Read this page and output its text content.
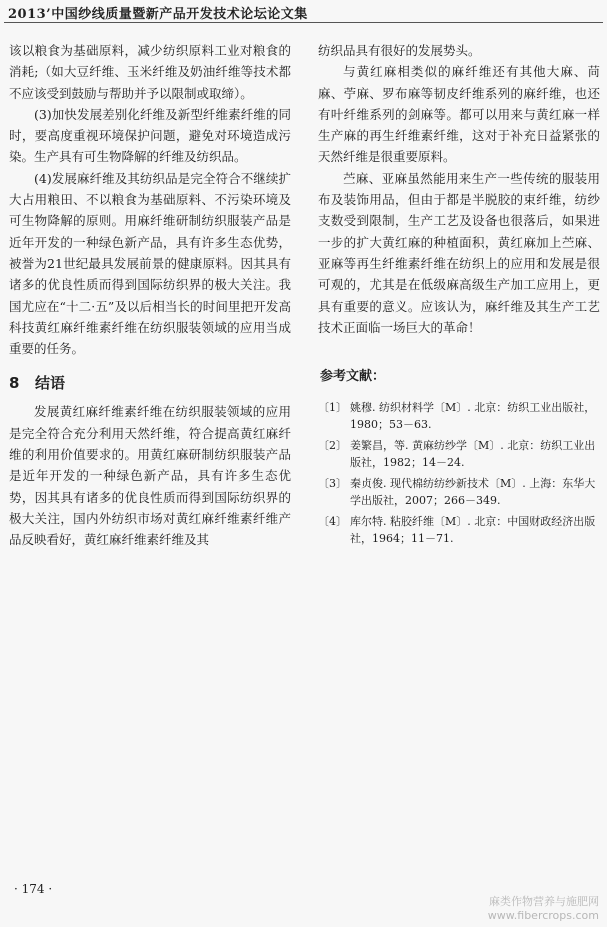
2013’中国纱线质量暨新产品开发技术论坛论文集

该以粮食为基础原料，减少纺织原料工业对粮食的消耗;（如大豆纤维、玉米纤维及奶油纤维等技术都不应该受到鼓励与帮助并予以限制或取缔）。

(3)加快发展差别化纤维及新型纤维素纤维的同时，要高度重视环境保护问题，避免对环境造成污染。生产具有可生物降解的纤维及纺织品。

(4)发展麻纤维及其纺织品是完全符合不继续扩大占用粮田、不以粮食为基础原料、不污染环境及可生物降解的原则。用麻纤维研制纺织服装产品是近年开发的一种绿色新产品，具有许多生态优势，被誉为21世纪最具发展前景的健康原料。因其具有诸多的优良性质而得到国际纺织界的极大关注。我国尤应在“十二·五”及以后相当长的时间里把开发高科技黄红麻纤维素纤维在纺织服装领域的应用当成重要的任务。

8 结语

发展黄红麻纤维素纤维在纺织服装领域的应用是完全符合充分利用天然纤维，符合提高黄红麻纤维的利用价值要求的。用黄红麻研制纺织服装产品是近年开发的一种绿色新产品，具有许多生态优势，因其具有诸多的优良性质而得到国际纺织界的极大关注，国内外纺织市场对黄红麻纤维素纤维产品反映看好，黄红麻纤维素纤维及其

纺织品具有很好的发展势头。

与黄红麻相类似的麻纤维还有其他大麻、苘麻、苧麻、罗布麻等韧皮纤维系列的麻纤维，也还有叶纤维系列的剑麻等。都可以用来与黄红麻一样生产麻的再生纤维素纤维，这对于补充日益紧张的天然纤维是很重要原料。

苎麻、亚麻虽然能用来生产一些传统的服装用布及装饰用品，但由于都是半脱胶的束纤维，纺纱支数受到限制，生产工艺及设备也很落后，如果进一步的扩大黄红麻的种植面积，黄红麻加上苎麻、亚麻等再生纤维素纤维在纺织上的应用和发展是很可观的，尤其是在低级麻高级生产加工应用上，更具有重要的意义。应该认为，麻纤维及其生产工艺技术正面临一场巨大的革命！

参考文献：

〔1〕 姚穆. 纺织材料学〔M〕. 北京：纺织工业出版社，1980；53－63.

〔2〕 姜繁昌，等. 黄麻纺纱学〔M〕. 北京：纺织工业出版社，1982；14－24.

〔3〕 秦贞俊. 现代棉纺纺纱新技术〔M〕. 上海：东华大学出版社，2007；266－349.

〔4〕 库尔特. 粘胶纤维〔M〕. 北京：中国财政经济出版社，1964；11－71.

· 174 ·
麻类作物营养与施肥网
www.fibercrops.com
